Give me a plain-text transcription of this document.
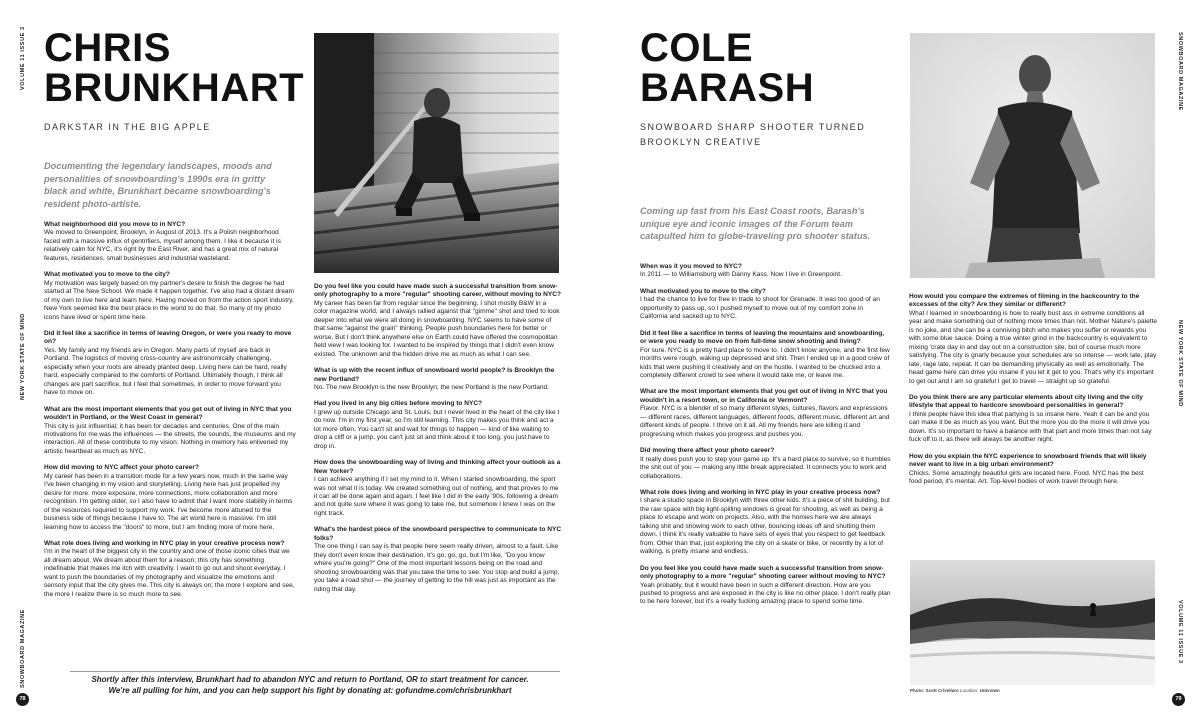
VOLUME 11 ISSUE 3
NEW YORK STATE OF MIND
SNOWBOARD MAGAZINE
CHRIS
BRUNKHART
DARKSTAR IN THE BIG APPLE
Documenting the legendary landscapes, moods and personalities of snowboarding's 1990s era in gritty black and white, Brunkhart became snowboarding's resident photo-artiste.
What neighborhood did you move to in NYC?
We moved to Greenpoint, Brooklyn, in August of 2013. It's a Polish neighborhood faced with a massive influx of gentrifiers, myself among them. I like it because it is relatively calm for NYC, it's right by the East River, and has a great mix of natural features, residences, small businesses and industrial wasteland.
What motivated you to move to the city?
My motivation was largely based on my partner's desire to finish the degree he had started at The New School. We made it happen together. I've also had a distant dream of my own to live here and learn here. Having moved on from the action sport industry, New York seemed like the best place in the world to do that. So many of my photo icons have lived or spent time here.
Did it feel like a sacrifice in terms of leaving Oregon, or were you ready to move on?
Yes. My family and my friends are in Oregon. Many parts of myself are back in Portland. The logistics of moving cross-country are astronomically challenging, especially when your roots are already planted deep. Living here can be hard, really hard, especially compared to the comforts of Portland. Ultimately though, I think all changes are part sacrifice, but I feel that sometimes, in order to move forward you have to move on.
What are the most important elements that you get out of living in NYC that you wouldn't in Portland, or the West Coast in general?
This city is just influential; it has been for decades and centuries. One of the main motivations for me was the influences — the streets, the sounds, the museums and my interaction. All of these contribute to my vision. Nothing in memory has enlivened my artistic heartbeat as much as NYC.
How did moving to NYC affect your photo career?
My career has been in a transition mode for a few years now, much in the same way I've been changing in my vision and storytelling. Living here has just propelled my desire for more: more exposure, more connections, more collaboration and more recognition. I'm getting older, so I also have to admit that I want more stability in terms of the resources required to support my work. I've become more attuned to the business side of things because I have to. The art world here is massive. I'm still learning how to access the "doors" to more, but I am finding more of more here.
What role does living and working in NYC play in your creative process now?
I'm in the heart of the biggest city in the country and one of those iconic cities that we all dream about. We dream about them for a reason; this city has something indefinable that makes me itch with creativity. I want to go out and shoot everyday. I want to push the boundaries of my photography and visualize the emotions and sensory input that the city gives me. This city is always on; the more I explore and see, the more I realize there is so much more to see.
Do you feel like you could have made such a successful transition from snow-only photography to a more "regular" shooting career, without moving to NYC?
My career has been far from regular since the beginning. I shot mostly B&W in a color magazine world, and I always rallied against that "gimme" shot and tried to look deeper into what we were all doing in snowboarding. NYC seems to have some of that same "against the grain" thinking. People push boundaries here for better or worse. But I don't think anywhere else on Earth could have offered the cosmopolitan field view I was looking for. I wanted to be inspired by things that I didn't even know existed. The unknown and the hidden drive me as much as what I can see.
What is up with the recent influx of snowboard world people? Is Brooklyn the new Portland?
No. The new Brooklyn is the new Brooklyn; the new Portland is the new Portland.
Had you lived in any big cities before moving to NYC?
I grew up outside Chicago and St. Louis, but I never lived in the heart of the city like I do now. I'm in my first year, so I'm still learning. This city makes you think and act a lot more often. You can't sit and wait for things to happen — kind of like waiting to drop a cliff or a jump, you can't just sit and think about it too long, you just have to drop in.
How does the snowboarding way of living and thinking affect your outlook as a New Yorker?
I can achieve anything if I set my mind to it. When I started snowboarding, the sport was not what it is today. We created something out of nothing, and that proves to me it can all be done again and again. I feel like I did in the early '90s, following a dream and not quite sure where it was going to take me, but somehow I knew I was on the right track.
What's the hardest piece of the snowboard perspective to communicate to NYC folks?
The one thing I can say is that people here seem really driven, almost to a fault. Like they don't even know their destination. It's go, go, go, but I'm like, "Do you know where you're going?" One of the most important lessons being on the road and shooting snowboarding was that you take the time to see. You stop and build a jump, you take a road shot — the journey of getting to the hill was just as important as the riding that day.
Shortly after this interview, Brunkhart had to abandon NYC and return to Portland, OR to start treatment for cancer.
We're all pulling for him, and you can help support his fight by donating at: gofundme.com/chrisbrunkhart
78
COLE
BARASH
SNOWBOARD SHARP SHOOTER TURNED
BROOKLYN CREATIVE
Coming up fast from his East Coast roots, Barash's unique eye and iconic images of the Forum team catapulted him to globe-traveling pro shooter status.
When was it you moved to NYC?
In 2011 — to Williamsburg with Danny Kass. Now I live in Greenpoint.
What motivated you to move to the city?
I had the chance to live for free in trade to shoot for Grenade. It was too good of an opportunity to pass up, so I pushed myself to move out of my comfort zone in California and sacked up to NYC.
Did it feel like a sacrifice in terms of leaving the mountains and snowboarding, or were you ready to move on from full-time snow shooting and living?
For sure. NYC is a pretty hard place to move to. I didn't know anyone, and the first few months were rough, waking up depressed and shit. Then I ended up in a good crew of kids that were pushing it creatively and on the hustle. I wanted to be chucked into a completely different crowd to see where it would take me, or leave me.
What are the most important elements that you get out of living in NYC that you wouldn't in a resort town, or in California or Vermont?
Flavor. NYC is a blender of so many different styles, cultures, flavors and expressions — different races, different languages, different foods, different music, different art and different kinds of people. I thrive on it all. All my friends here are killing it and progressing which makes you progress and pushes you.
Did moving there affect your photo career?
It really does push you to step your game up. It's a hard place to survive, so it humbles the shit out of you — making any little break appreciated. It connects you to work and collaborations.
What role does living and working in NYC play in your creative process now?
I share a studio space in Brooklyn with three other kids. It's a piece of shit building, but the raw space with big light-spilling windows is great for shooting, as well as being a place to escape and work on projects. Also, with the homies here we are always talking shit and showing work to each other, bouncing ideas off and shutting them down. I think it's really valuable to have sets of eyes that you respect to get feedback from. Other than that, just exploring the city on a skate or bike, or recently by a lot of walking, is pretty insane and endless.
Do you feel like you could have made such a successful transition from snow-only photography to a more "regular" shooting career without moving to NYC?
Yeah probably, but it would have been in such a different direction. How are you pushed to progress and are exposed in the city is like no other place. I don't really plan to be here forever, but it's a really fucking amazing place to spend some time.
How would you compare the extremes of filming in the backcountry to the excesses of the city? Are they similar or different?
What I learned in snowboarding is how to really bust ass in extreme conditions all year and make something out of nothing more times than not. Mother Nature's palette is no joke, and she can be a conniving bitch who makes you suffer or rewards you with some blue sauce. Doing a true winter grind in the backcountry is equivalent to mixing 'crate day in and day out on a construction site, but of course much more satisfying. The city is gnarly because your schedules are so intense — work late, play late, rage late, repeat. It can be demanding physically as well as emotionally. The head game here can drive you insane if you let it get to you. That's why it's important to get out and I am so grateful I get to travel — straight up so grateful.
Do you think there are any particular elements about city living and the city lifestyle that appeal to hardcore snowboard personalities in general?
I think people have this idea that partying is so insane here. Yeah it can be and you can make it be as much as you want. But the more you do the more it will drive you down. It's so important to have a balance with that part and more times than not say fuck off to it, as there will always be another night.
How do you explain the NYC experience to snowboard friends that will likely never want to live in a big urban environment?
Chicks. Some amazingly beautiful girls are located here. Food. NYC has the best food period, it's mental. Art. Top-level bodies of work travel through here.
Photo: Scott Crivellaro Location: Unknown
SNOWBOARD MAGAZINE
NEW YORK STATE OF MIND
VOLUME 11 ISSUE 3
79
